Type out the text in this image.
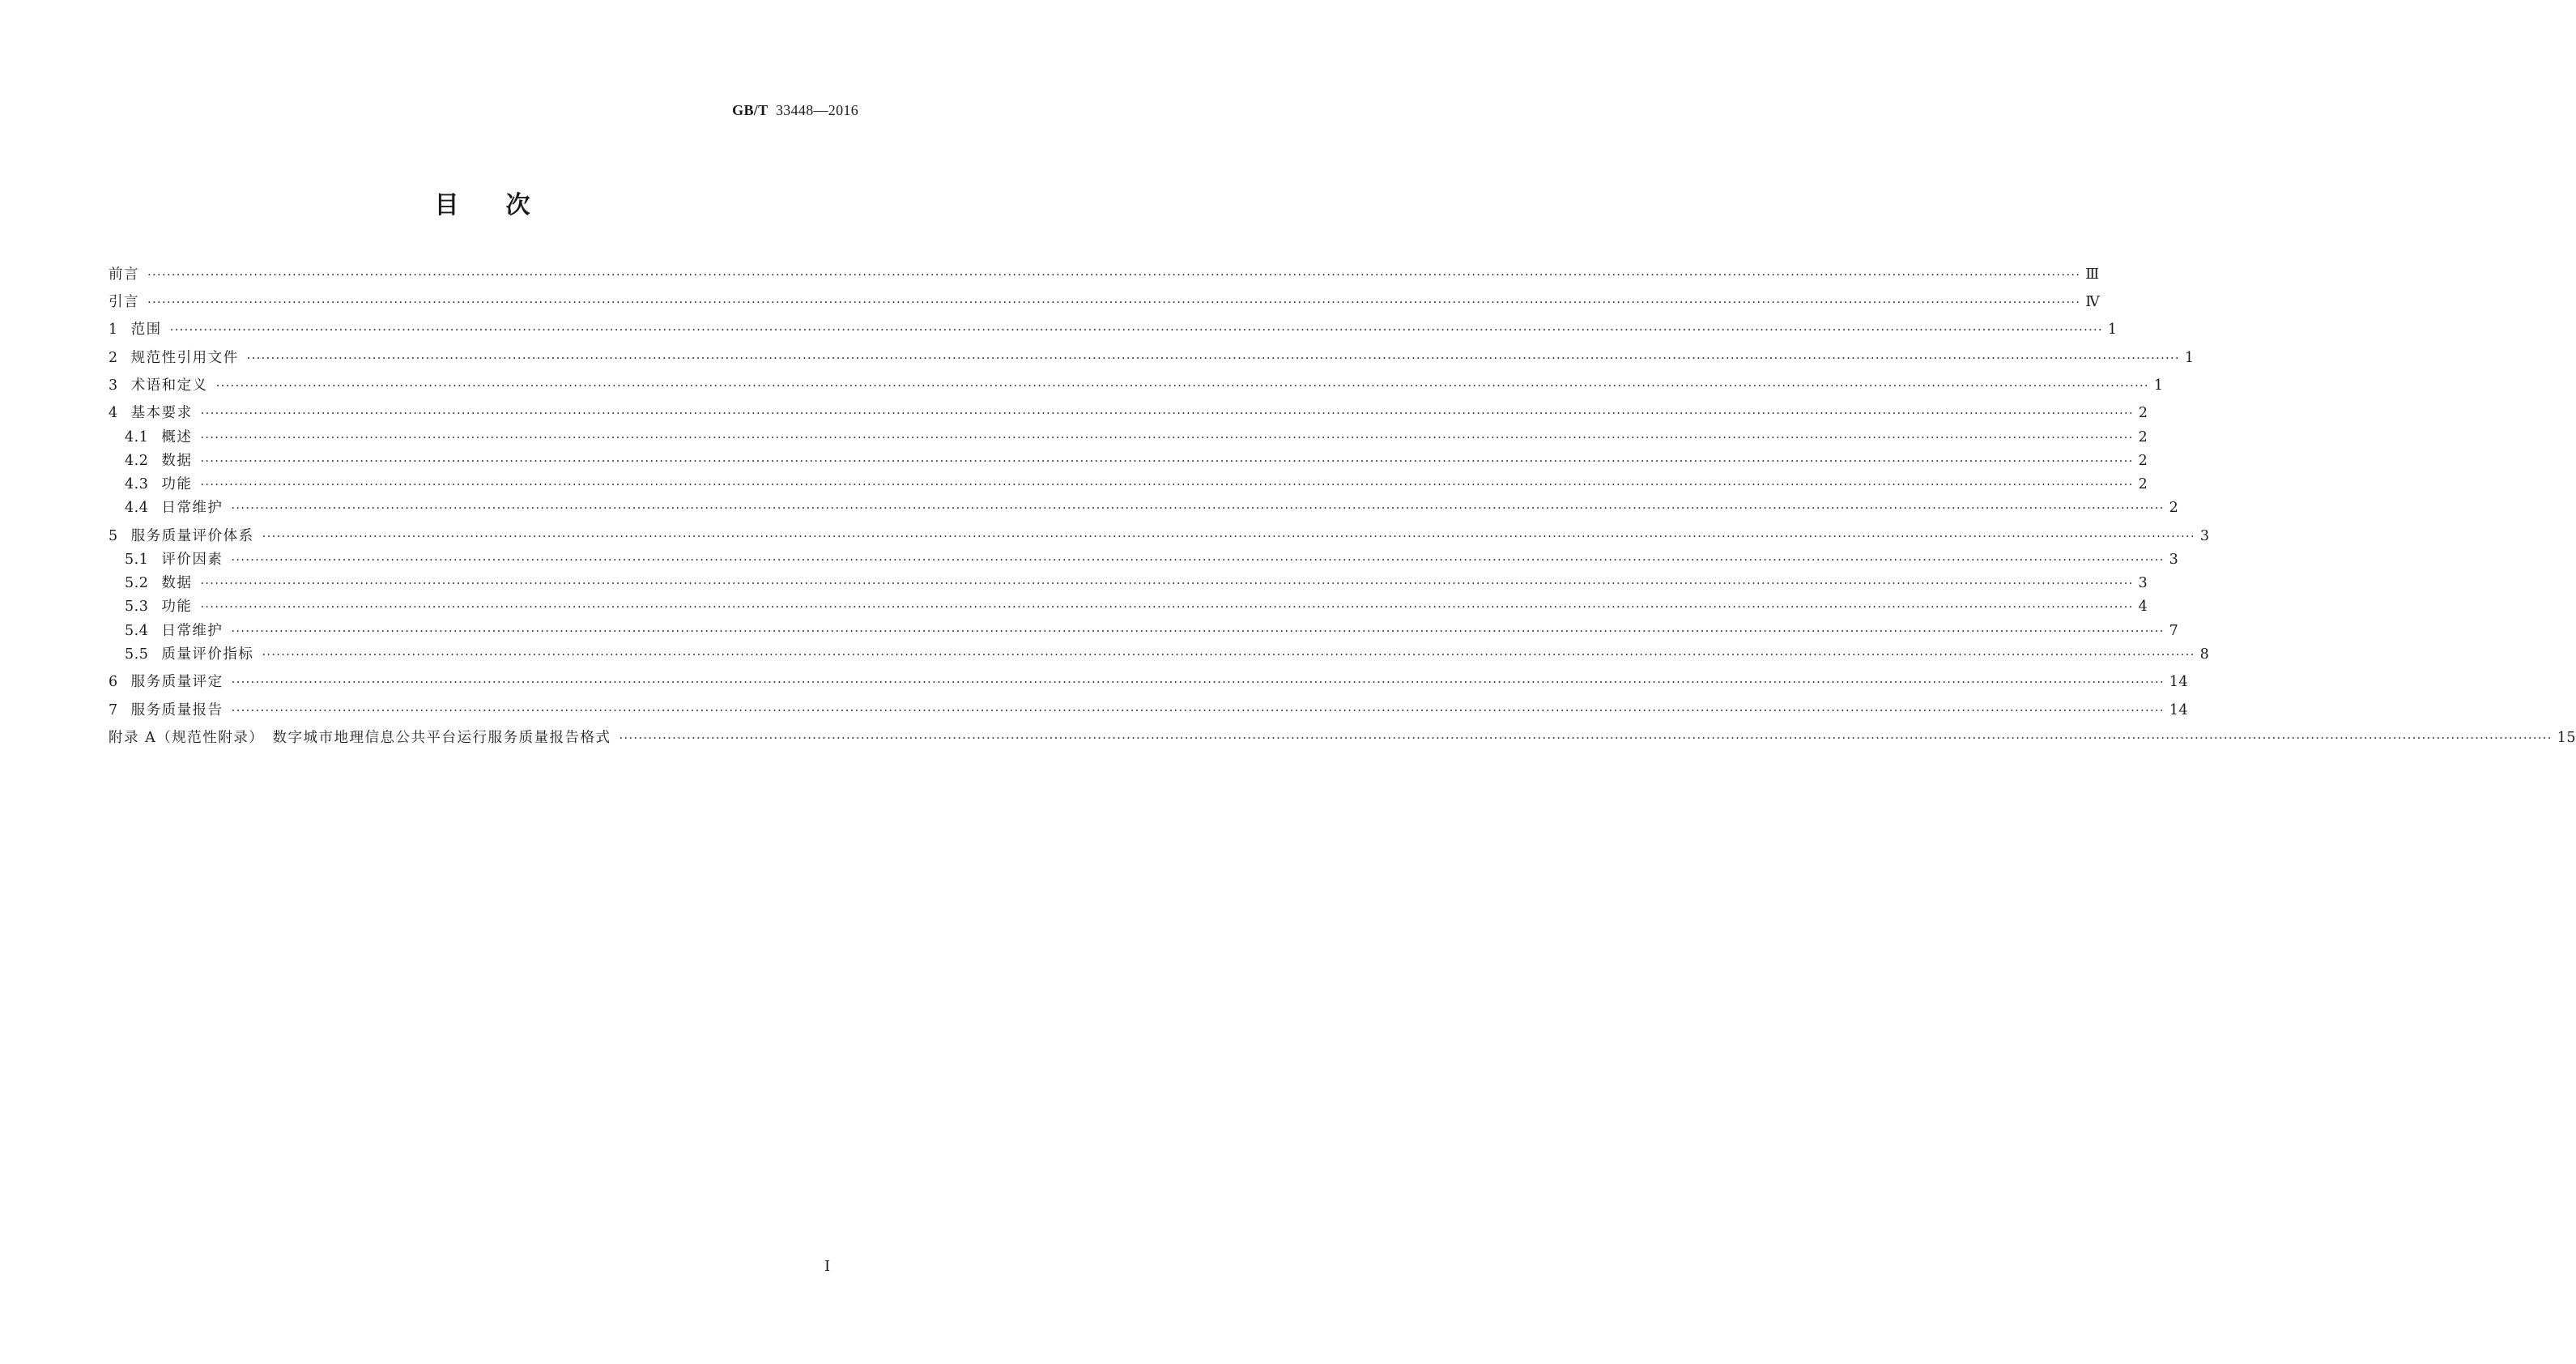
GB/T 33448—2016
目次
前言 ················································································································································································································································································································································································································ Ⅲ
引言 ················································································································································································································································································································································································································ Ⅳ
1 范围 ················································································································································································································································································································································································································ 1
2 规范性引用文件 ················································································································································································································································································································································································································ 1
3 术语和定义 ················································································································································································································································································································································································································ 1
4 基本要求 ················································································································································································································································································································································································································ 2
4.1 概述 ················································································································································································································································································································································································································ 2
4.2 数据 ················································································································································································································································································································································································································ 2
4.3 功能 ················································································································································································································································································································································································································ 2
4.4 日常维护 ················································································································································································································································································································································································································ 2
5 服务质量评价体系 ················································································································································································································································································································································································································ 3
5.1 评价因素 ················································································································································································································································································································································································································ 3
5.2 数据 ················································································································································································································································································································································································································ 3
5.3 功能 ················································································································································································································································································································································································································ 4
5.4 日常维护 ················································································································································································································································································································································································································ 7
5.5 质量评价指标 ················································································································································································································································································································································································································ 8
6 服务质量评定 ················································································································································································································································································································································································································ 14
7 服务质量报告 ················································································································································································································································································································································································································ 14
附录 A（规范性附录）　数字城市地理信息公共平台运行服务质量报告格式 ················································································································································································································································································································································································································ 15
I
